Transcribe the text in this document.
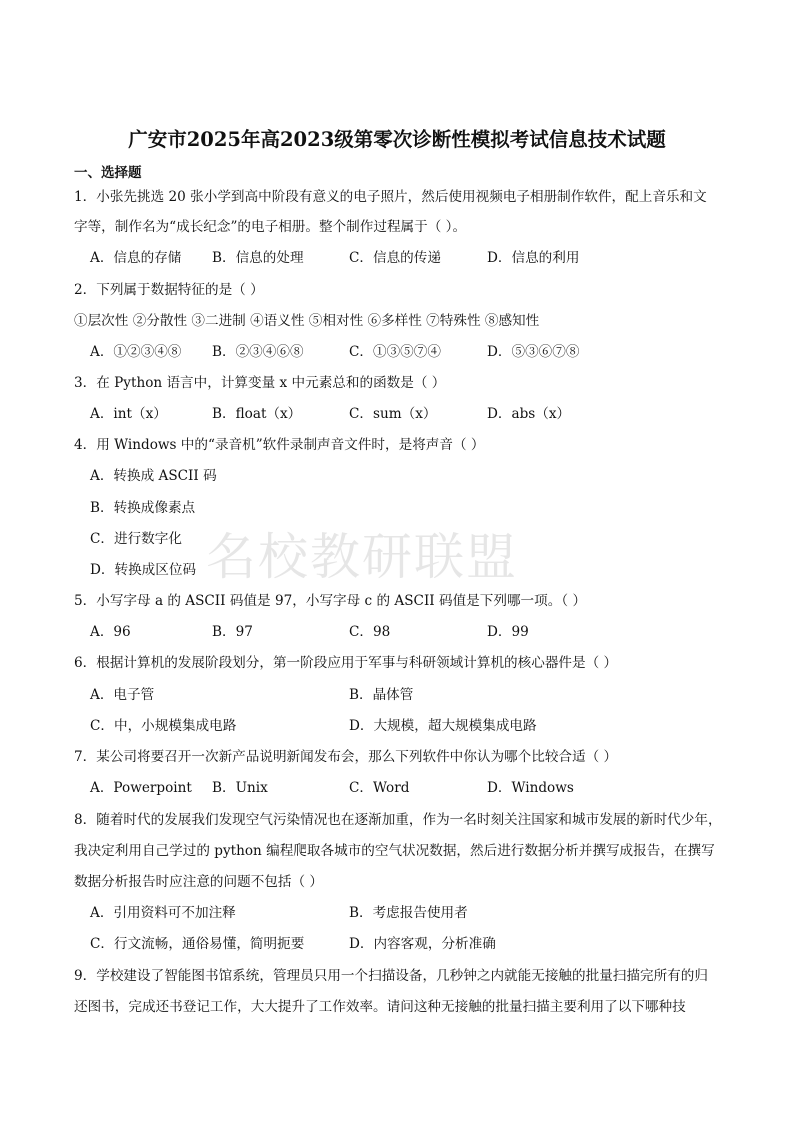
名校教研联盟
广安市2025年高2023级第零次诊断性模拟考试信息技术试题
一、选择题
1．小张先挑选 20 张小学到高中阶段有意义的电子照片，然后使用视频电子相册制作软件，配上音乐和文
字等，制作名为“成长纪念”的电子相册。整个制作过程属于（ ）。
A．信息的存储 B．信息的处理	C．信息的传递	D．信息的利用
2．下列属于数据特征的是（ ）
①层次性 ②分散性 ③二进制 ④语义性 ⑤相对性 ⑥多样性 ⑦特殊性 ⑧感知性
A．①②③④⑧ B．②③④⑥⑧	C．①③⑤⑦④	D．⑤③⑥⑦⑧
3．在 Python 语言中，计算变量 x 中元素总和的函数是（ ）
A．int（x）	B．float（x）	C．sum（x）	D．abs（x）
4．用 Windows 中的“录音机”软件录制声音文件时，是将声音（ ）
A．转换成 ASCII 码
B．转换成像素点
C．进行数字化
D．转换成区位码
5．小写字母 a 的 ASCII 码值是 97，小写字母 c 的 ASCII 码值是下列哪一项。（ ）
A．96	B．97	C．98	D．99
6．根据计算机的发展阶段划分，第一阶段应用于军事与科研领域计算机的核心器件是（ ）
A．电子管	B．晶体管
C．中，小规模集成电路	D．大规模，超大规模集成电路
7．某公司将要召开一次新产品说明新闻发布会，那么下列软件中你认为哪个比较合适（ ）
A．Powerpoint B．Unix	C．Word	D．Windows
8．随着时代的发展我们发现空气污染情况也在逐渐加重，作为一名时刻关注国家和城市发展的新时代少年，
我决定利用自己学过的 python 编程爬取各城市的空气状况数据，然后进行数据分析并撰写成报告，在撰写
数据分析报告时应注意的问题不包括（ ）
A．引用资料可不加注释	B．考虑报告使用者
C．行文流畅，通俗易懂，简明扼要	D．内容客观，分析准确
9．学校建设了智能图书馆系统，管理员只用一个扫描设备，几秒钟之内就能无接触的批量扫描完所有的归
还图书，完成还书登记工作，大大提升了工作效率。请问这种无接触的批量扫描主要利用了以下哪种技
